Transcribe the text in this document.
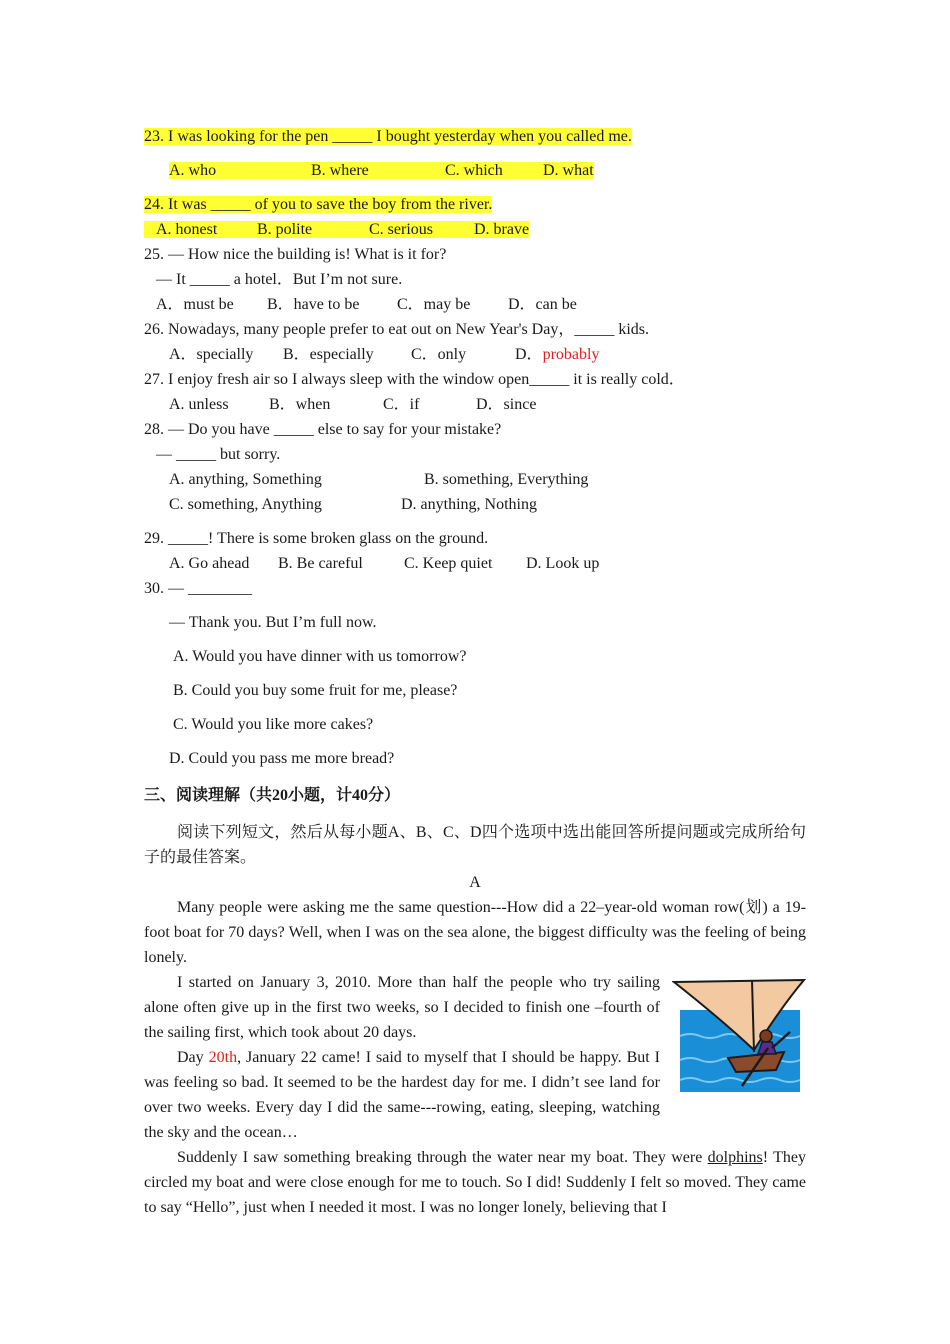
23. I was looking for the pen _____ I bought yesterday when you called me.
A. who	B. where	C. which	D. what
24. It was _____ of you to save the boy from the river.
A. honest B. polite	C. serious	D. brave
25. — How nice the building is! What is it for?
— It _____ a hotel．But I’m not sure.
A．must be B．have to be C．may be D．can be
26. Nowadays, many people prefer to eat out on New Year's Day，_____ kids.
A．specially B．especially C．only	D．probably
27. I enjoy fresh air so I always sleep with the window open_____ it is really cold．
A. unless	B．when	C．if	D．since
28. — Do you have _____ else to say for your mistake?
— _____ but sorry.
A. anything, Something	B. something, Everything
C. something, Anything	D. anything, Nothing
29. _____! There is some broken glass on the ground.
A. Go ahead B. Be careful	C. Keep quiet D. Look up
30. — ________
— Thank you. But I’m full now.
A. Would you have dinner with us tomorrow?
B. Could you buy some fruit for me, please?
C. Would you like more cakes?
D. Could you pass me more bread?
三、阅读理解（共20小题，计40分）
阅读下列短文，然后从每小题A、B、C、D四个选项中选出能回答所提问题或完成所给句子的最佳答案。
A
Many people were asking me the same question---How did a 22–year-old woman row(划) a 19-foot boat for 70 days? Well, when I was on the sea alone, the biggest difficulty was the feeling of being lonely.
I started on January 3, 2010. More than half the people who try sailing alone often give up in the first two weeks, so I decided to finish one –fourth of the sailing first, which took about 20 days.
Day 20th, January 22 came! I said to myself that I should be happy. But I was feeling so bad. It seemed to be the hardest day for me. I didn’t see land for over two weeks. Every day I did the same---rowing, eating, sleeping, watching the sky and the ocean…
Suddenly I saw something breaking through the water near my boat. They were dolphins! They circled my boat and were close enough for me to touch. So I did! Suddenly I felt so moved. They came to say “Hello”, just when I needed it most. I was no longer lonely, believing that I
